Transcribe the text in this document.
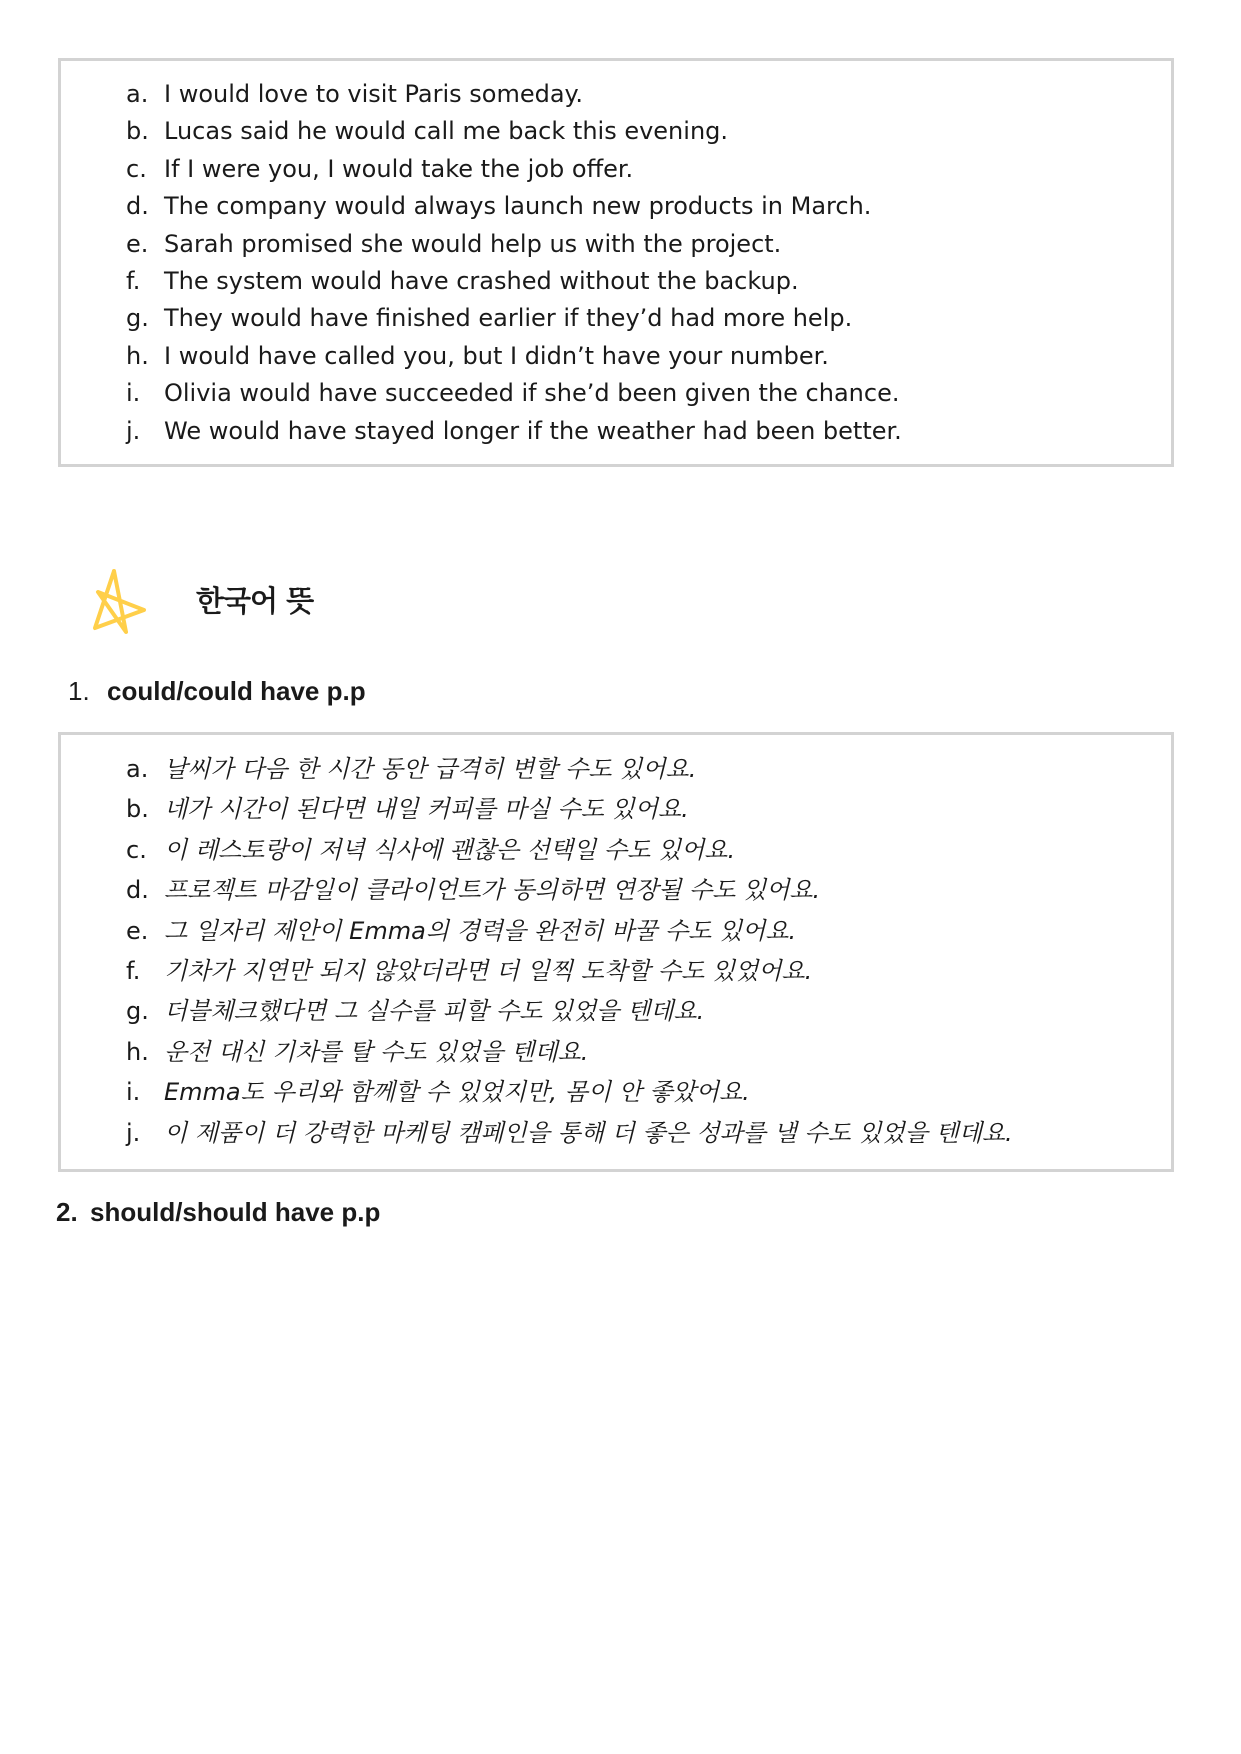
a. I would love to visit Paris someday.
b. Lucas said he would call me back this evening.
c. If I were you, I would take the job offer.
d. The company would always launch new products in March.
e. Sarah promised she would help us with the project.
f. The system would have crashed without the backup.
g. They would have finished earlier if they’d had more help.
h. I would have called you, but I didn’t have your number.
i. Olivia would have succeeded if she’d been given the chance.
j. We would have stayed longer if the weather had been better.
한국어 뜻
1. could/could have p.p
a. 날씨가 다음 한 시간 동안 급격히 변할 수도 있어요.
b. 네가 시간이 된다면 내일 커피를 마실 수도 있어요.
c. 이 레스토랑이 저녁 식사에 괜찮은 선택일 수도 있어요.
d. 프로젝트 마감일이 클라이언트가 동의하면 연장될 수도 있어요.
e. 그 일자리 제안이 Emma의 경력을 완전히 바꿀 수도 있어요.
f. 기차가 지연만 되지 않았더라면 더 일찍 도착할 수도 있었어요.
g. 더블체크했다면 그 실수를 피할 수도 있었을 텐데요.
h. 운전 대신 기차를 탈 수도 있었을 텐데요.
i. Emma도 우리와 함께할 수 있었지만, 몸이 안 좋았어요.
j. 이 제품이 더 강력한 마케팅 캠페인을 통해 더 좋은 성과를 낼 수도 있었을 텐데요.
2. should/should have p.p
